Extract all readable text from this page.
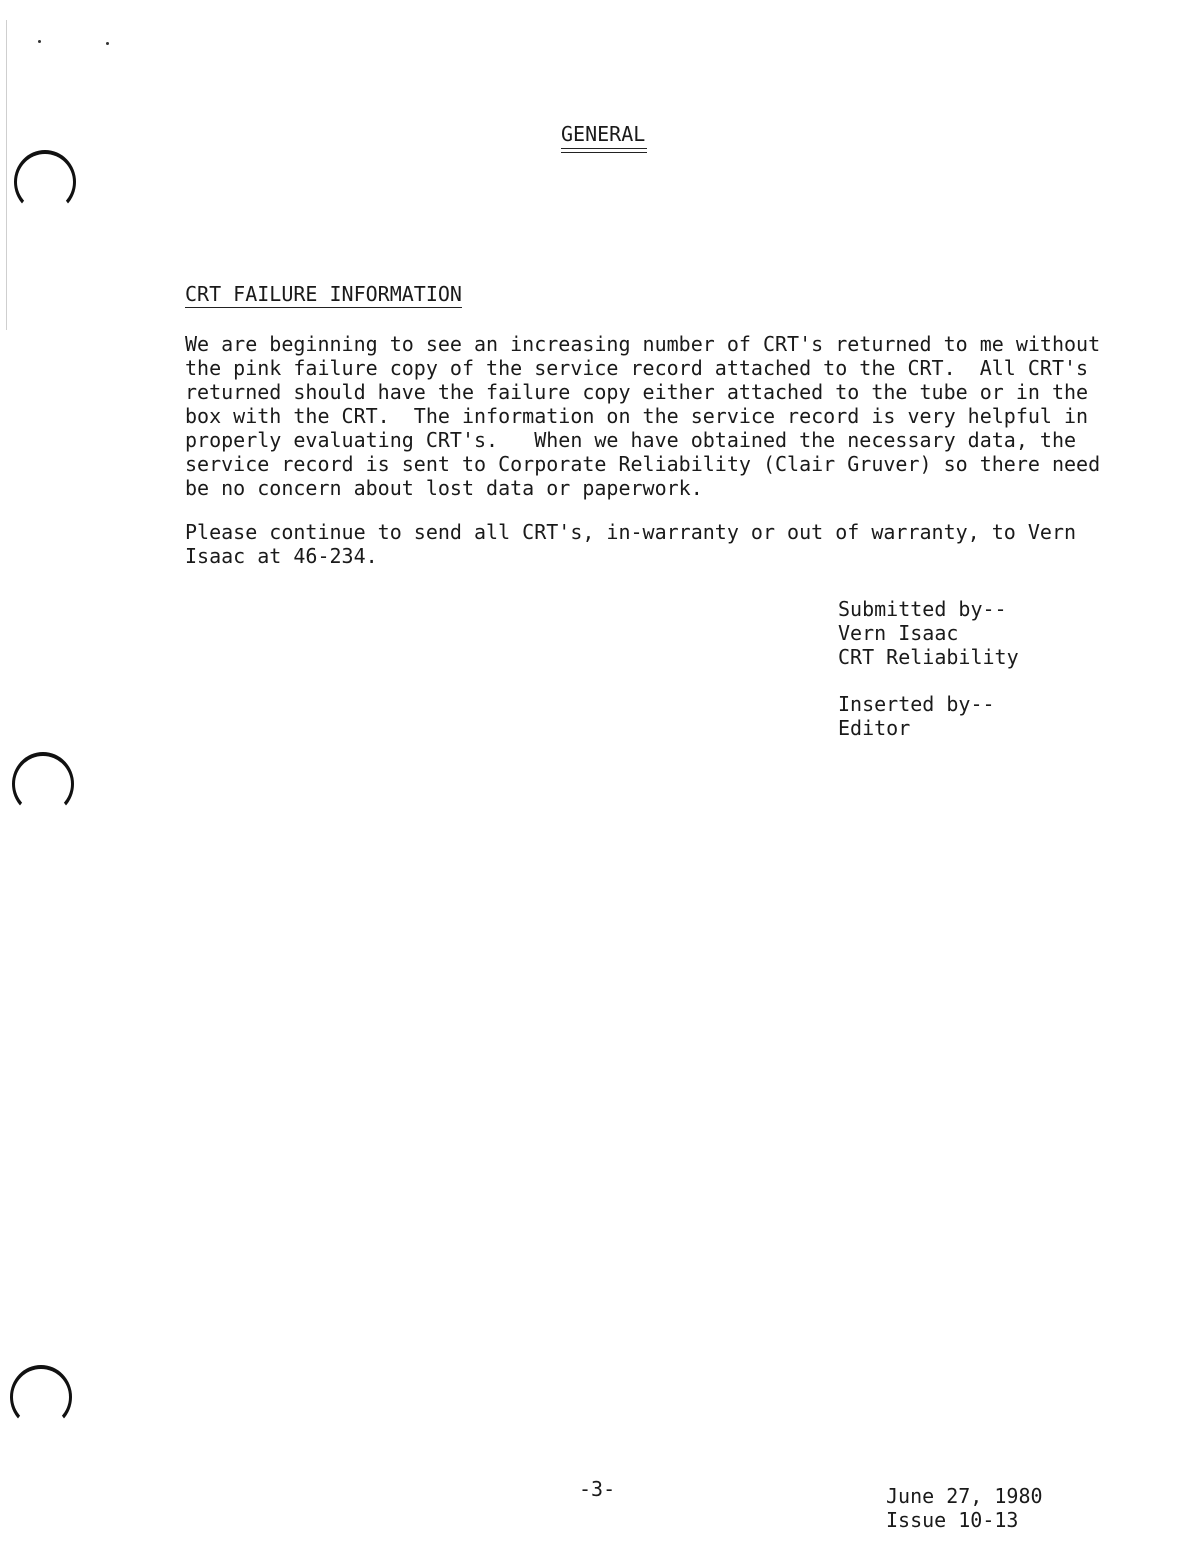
GENERAL
CRT FAILURE INFORMATION

We are beginning to see an increasing number of CRT's returned to me without
the pink failure copy of the service record attached to the CRT.  All CRT's
returned should have the failure copy either attached to the tube or in the
box with the CRT.  The information on the service record is very helpful in
properly evaluating CRT's.   When we have obtained the necessary data, the
service record is sent to Corporate Reliability (Clair Gruver) so there need
be no concern about lost data or paperwork.

Please continue to send all CRT's, in-warranty or out of warranty, to Vern
Isaac at 46-234.

Submitted by--
Vern Isaac
CRT Reliability
Inserted by--
Editor
-3-	June 27, 1980
Issue 10-13
